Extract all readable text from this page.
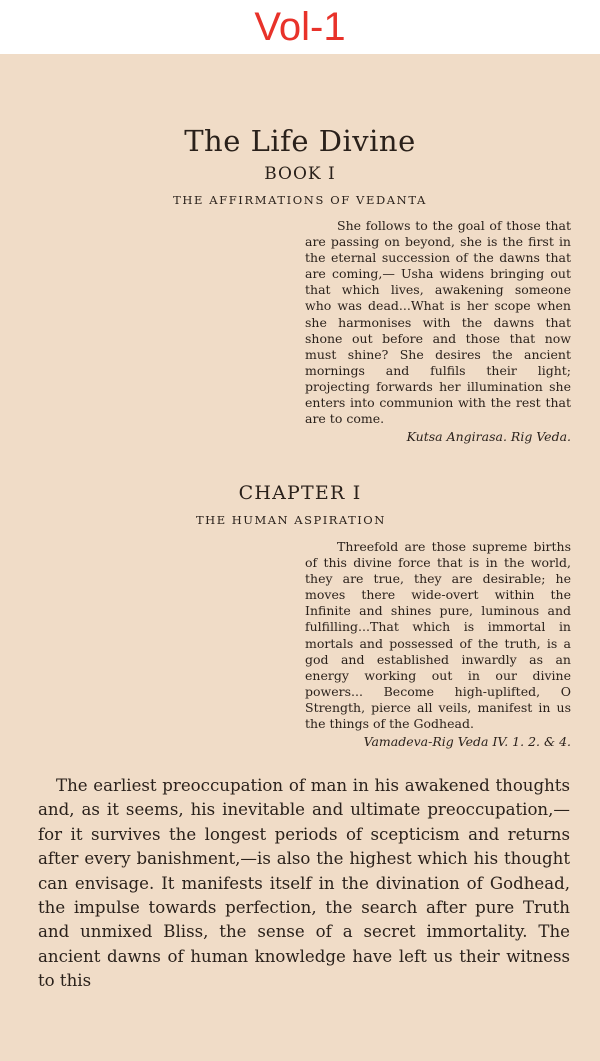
Vol-1
The Life Divine
BOOK I
THE AFFIRMATIONS OF VEDANTA
She follows to the goal of those that are passing on beyond, she is the first in the eternal succession of the dawns that are coming,— Usha widens bringing out that which lives, awakening someone who was dead...What is her scope when she harmonises with the dawns that shone out before and those that now must shine? She desires the ancient mornings and fulfils their light; projecting forwards her illumination she enters into communion with the rest that are to come.
Kutsa Angirasa. Rig Veda.
CHAPTER I
THE HUMAN ASPIRATION
Threefold are those supreme births of this divine force that is in the world, they are true, they are desirable; he moves there wide-overt within the Infinite and shines pure, luminous and fulfilling...That which is immortal in mortals and possessed of the truth, is a god and established inwardly as an energy working out in our divine powers... Become high-uplifted, O Strength, pierce all veils, manifest in us the things of the Godhead.
Vamadeva-Rig Veda IV. 1. 2. & 4.

The earliest preoccupation of man in his awakened thoughts and, as it seems, his inevitable and ultimate preoccupation,—for it survives the longest periods of scepticism and returns after every banishment,—is also the highest which his thought can envisage. It manifests itself in the divination of Godhead, the impulse towards perfection, the search after pure Truth and unmixed Bliss, the sense of a secret immortality. The ancient dawns of human knowledge have left us their witness to this
